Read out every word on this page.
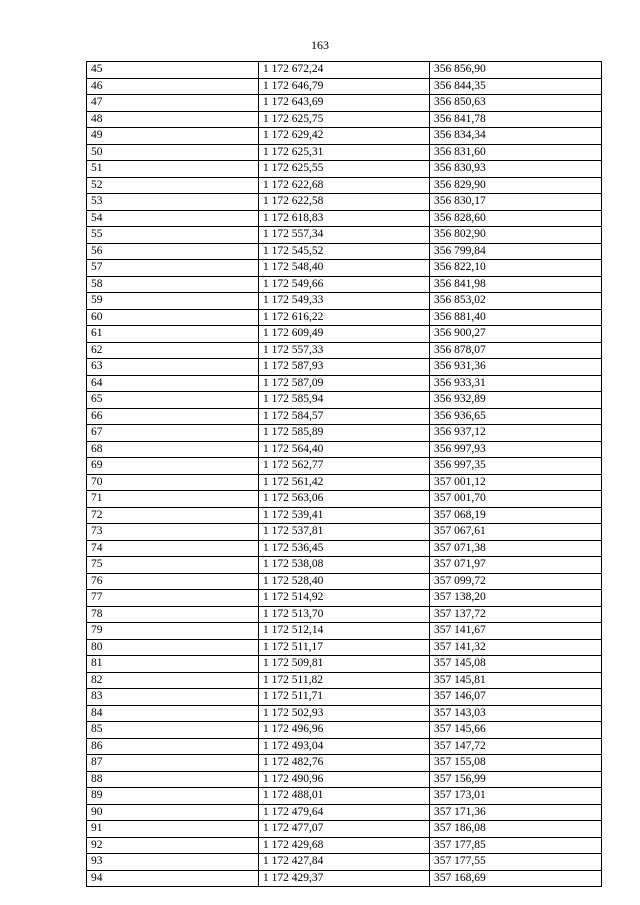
163
45	1 172 672,24	356 856,90
46	1 172 646,79	356 844,35
47	1 172 643,69	356 850,63
48	1 172 625,75	356 841,78
49	1 172 629,42	356 834,34
50	1 172 625,31	356 831,60
51	1 172 625,55	356 830,93
52	1 172 622,68	356 829,90
53	1 172 622,58	356 830,17
54	1 172 618,83	356 828,60
55	1 172 557,34	356 802,90
56	1 172 545,52	356 799,84
57	1 172 548,40	356 822,10
58	1 172 549,66	356 841,98
59	1 172 549,33	356 853,02
60	1 172 616,22	356 881,40
61	1 172 609,49	356 900,27
62	1 172 557,33	356 878,07
63	1 172 587,93	356 931,36
64	1 172 587,09	356 933,31
65	1 172 585,94	356 932,89
66	1 172 584,57	356 936,65
67	1 172 585,89	356 937,12
68	1 172 564,40	356 997,93
69	1 172 562,77	356 997,35
70	1 172 561,42	357 001,12
71	1 172 563,06	357 001,70
72	1 172 539,41	357 068,19
73	1 172 537,81	357 067,61
74	1 172 536,45	357 071,38
75	1 172 538,08	357 071,97
76	1 172 528,40	357 099,72
77	1 172 514,92	357 138,20
78	1 172 513,70	357 137,72
79	1 172 512,14	357 141,67
80	1 172 511,17	357 141,32
81	1 172 509,81	357 145,08
82	1 172 511,82	357 145,81
83	1 172 511,71	357 146,07
84	1 172 502,93	357 143,03
85	1 172 496,96	357 145,66
86	1 172 493,04	357 147,72
87	1 172 482,76	357 155,08
88	1 172 490,96	357 156,99
89	1 172 488,01	357 173,01
90	1 172 479,64	357 171,36
91	1 172 477,07	357 186,08
92	1 172 429,68	357 177,85
93	1 172 427,84	357 177,55
94	1 172 429,37	357 168,69
